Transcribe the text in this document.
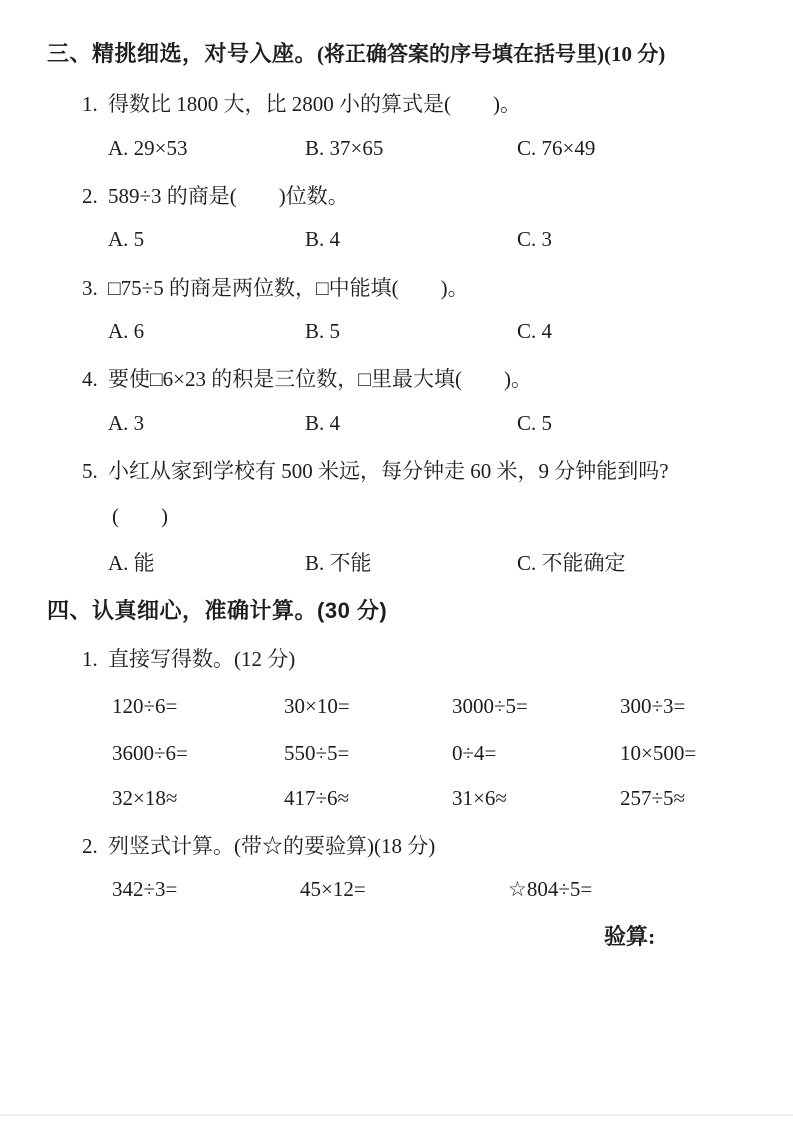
三、精挑细选，对号入座。(将正确答案的序号填在括号里)(10 分)
1. 得数比 1800 大，比 2800 小的算式是(　　)。
A. 29×53	B. 37×65	C. 76×49
2. 589÷3 的商是(　　)位数。
A. 5	B. 4	C. 3
3. □75÷5 的商是两位数，□中能填(　　)。
A. 6	B. 5	C. 4
4. 要使□6×23 的积是三位数，□里最大填(　　)。
A. 3	B. 4	C. 5
5. 小红从家到学校有 500 米远，每分钟走 60 米，9 分钟能到吗?
(　　)
A. 能	B. 不能	C. 不能确定
四、认真细心，准确计算。(30 分)
1. 直接写得数。(12 分)
120÷6=	30×10=	3000÷5=	300÷3=
3600÷6=	550÷5=	0÷4=	10×500=
32×18≈	417÷6≈	31×6≈	257÷5≈
2. 列竖式计算。(带☆的要验算)(18 分)
342÷3=	45×12=	☆804÷5=
验算:
